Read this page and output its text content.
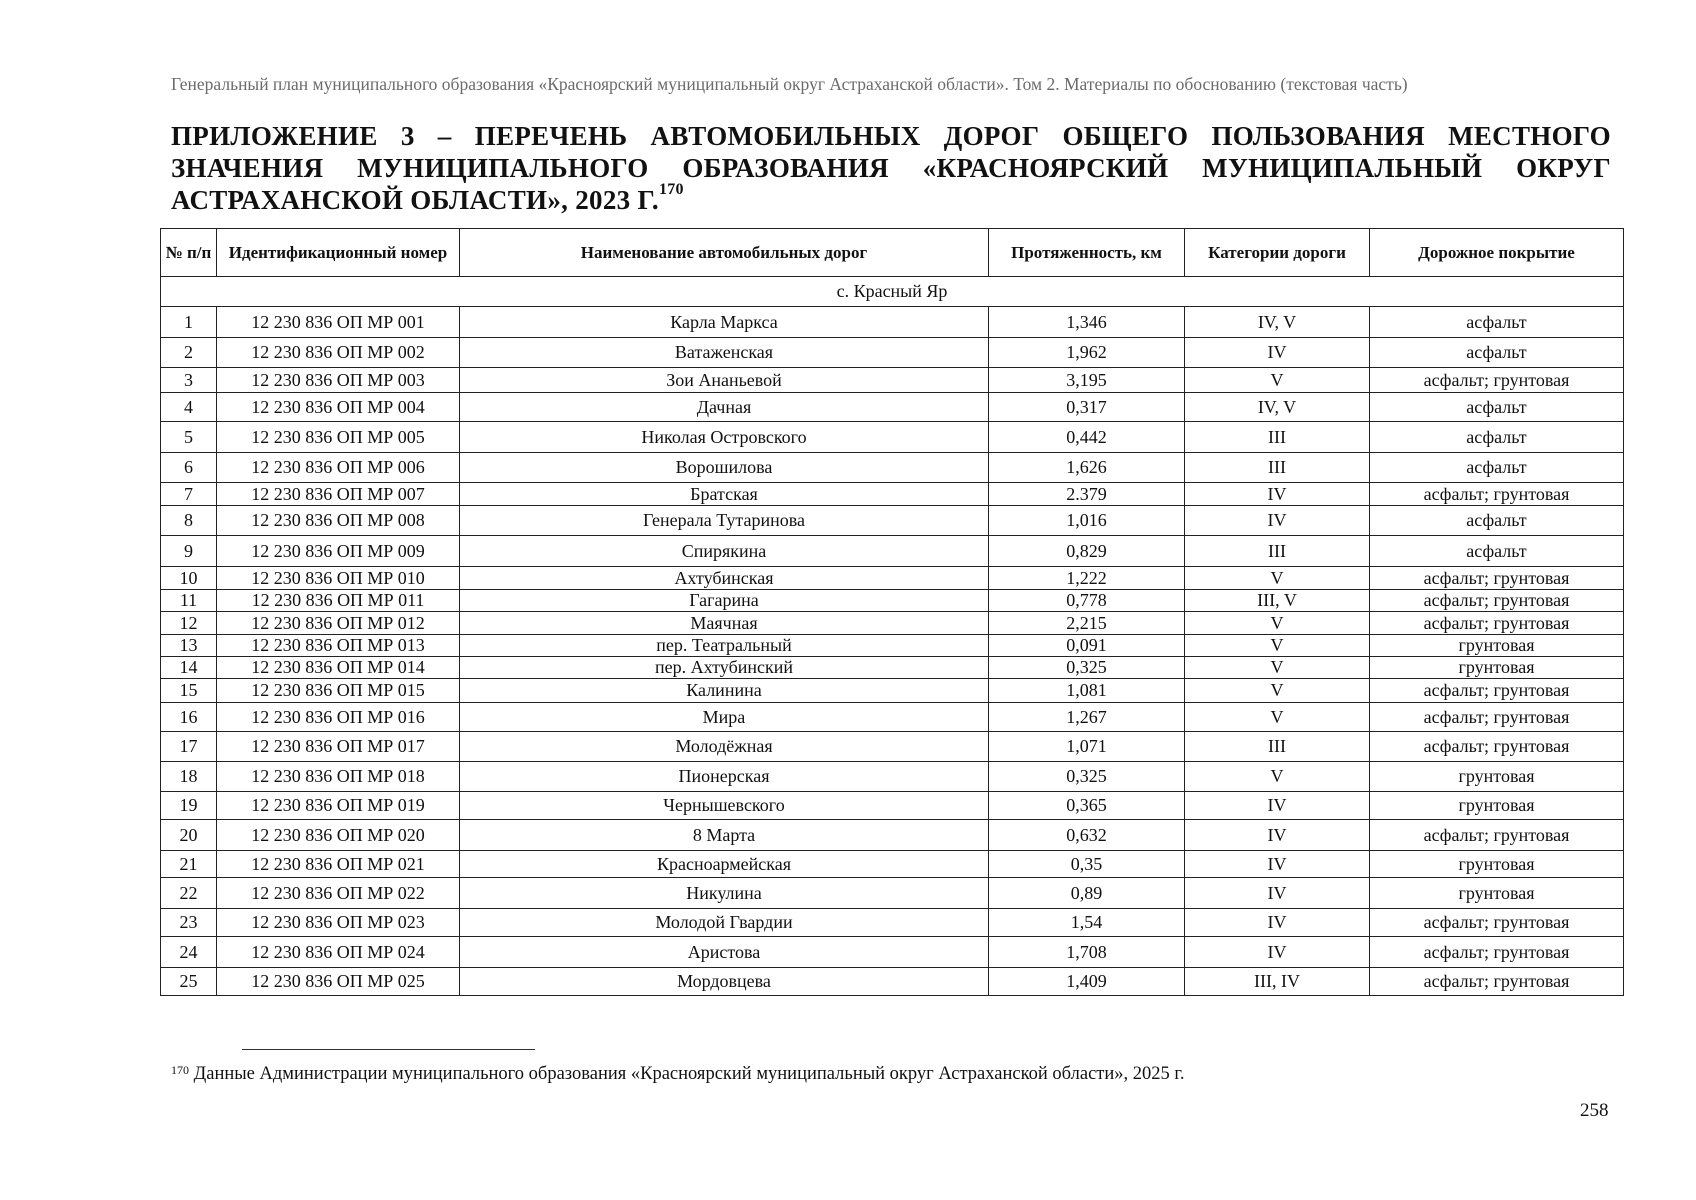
Генеральный план муниципального образования «Красноярский муниципальный округ Астраханской области». Том 2. Материалы по обоснованию (текстовая часть)
ПРИЛОЖЕНИЕ 3 – ПЕРЕЧЕНЬ АВТОМОБИЛЬНЫХ ДОРОГ ОБЩЕГО ПОЛЬЗОВАНИЯ МЕСТНОГО ЗНАЧЕНИЯ МУНИЦИПАЛЬНОГО ОБРАЗОВАНИЯ «КРАСНОЯРСКИЙ МУНИЦИПАЛЬНЫЙ ОКРУГ АСТРАХАНСКОЙ ОБЛАСТИ», 2023 Г.$^{170}$
№ п/п	Идентификационный номер	Наименование автомобильных дорог	Протяженность, км	Категории дороги	Дорожное покрытие
с. Красный Яр					
1	12 230 836 ОП МР 001	Карла Маркса	1,346	IV, V	асфальт
2	12 230 836 ОП МР 002	Ватаженская	1,962	IV	асфальт
3	12 230 836 ОП МР 003	Зои Ананьевой	3,195	V	асфальт; грунтовая
4	12 230 836 ОП МР 004	Дачная	0,317	IV, V	асфальт
5	12 230 836 ОП МР 005	Николая Островского	0,442	III	асфальт
6	12 230 836 ОП МР 006	Ворошилова	1,626	III	асфальт
7	12 230 836 ОП МР 007	Братская	2.379	IV	асфальт; грунтовая
8	12 230 836 ОП МР 008	Генерала Тутаринова	1,016	IV	асфальт
9	12 230 836 ОП МР 009	Спирякина	0,829	III	асфальт
10	12 230 836 ОП МР 010	Ахтубинская	1,222	V	асфальт; грунтовая
11	12 230 836 ОП МР 011	Гагарина	0,778	III, V	асфальт; грунтовая
12	12 230 836 ОП МР 012	Маячная	2,215	V	асфальт; грунтовая
13	12 230 836 ОП МР 013	пер. Театральный	0,091	V	грунтовая
14	12 230 836 ОП МР 014	пер. Ахтубинский	0,325	V	грунтовая
15	12 230 836 ОП МР 015	Калинина	1,081	V	асфальт; грунтовая
16	12 230 836 ОП МР 016	Мира	1,267	V	асфальт; грунтовая
17	12 230 836 ОП МР 017	Молодёжная	1,071	III	асфальт; грунтовая
18	12 230 836 ОП МР 018	Пионерская	0,325	V	грунтовая
19	12 230 836 ОП МР 019	Чернышевского	0,365	IV	грунтовая
20	12 230 836 ОП МР 020	8 Марта	0,632	IV	асфальт; грунтовая
21	12 230 836 ОП МР 021	Красноармейская	0,35	IV	грунтовая
22	12 230 836 ОП МР 022	Никулина	0,89	IV	грунтовая
23	12 230 836 ОП МР 023	Молодой Гвардии	1,54	IV	асфальт; грунтовая
24	12 230 836 ОП МР 024	Аристова	1,708	IV	асфальт; грунтовая
25	12 230 836 ОП МР 025	Мордовцева	1,409	III, IV	асфальт; грунтовая
$^{170}$ Данные Администрации муниципального образования «Красноярский муниципальный округ Астраханской области», 2025 г.
258
